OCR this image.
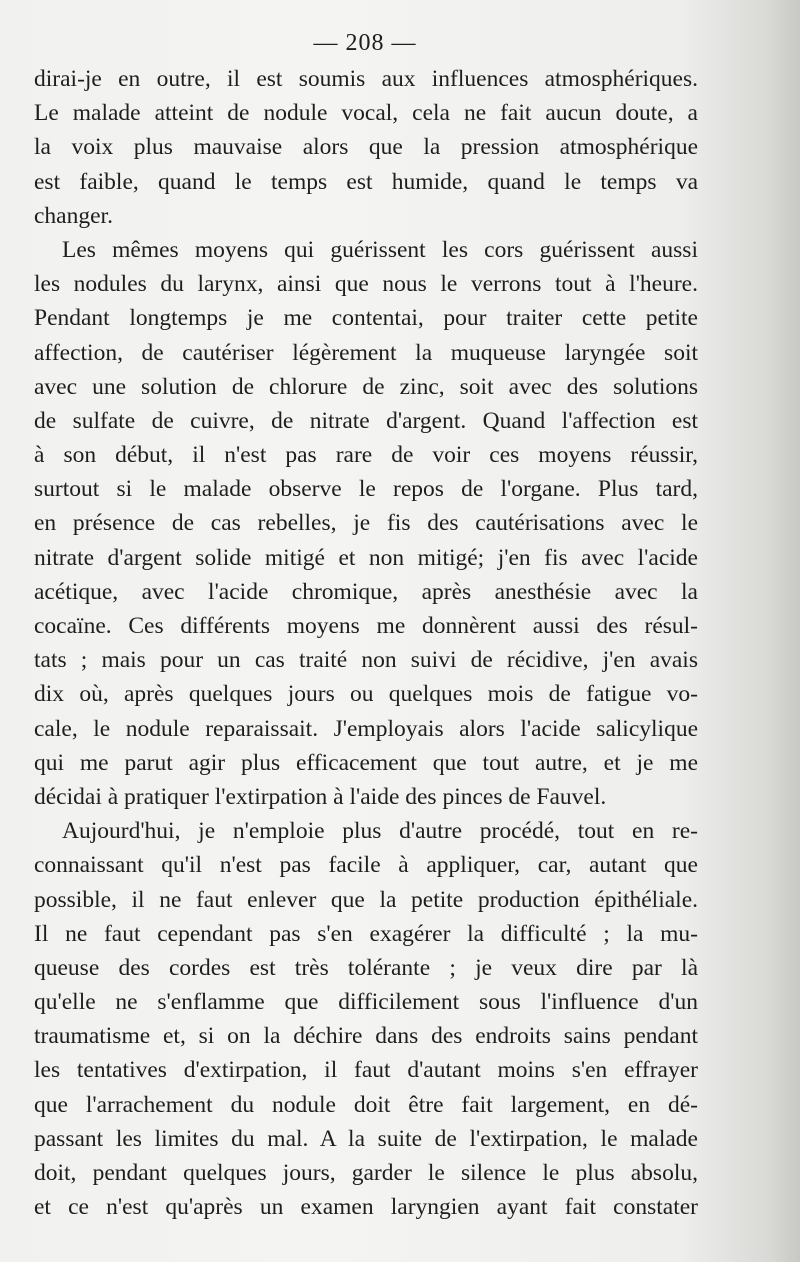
— 208 —
dirai-je en outre, il est soumis aux influences atmosphériques.
Le malade atteint de nodule vocal, cela ne fait aucun doute, a
la voix plus mauvaise alors que la pression atmosphérique
est faible, quand le temps est humide, quand le temps va
changer.
Les mêmes moyens qui guérissent les cors guérissent aussi
les nodules du larynx, ainsi que nous le verrons tout à l'heure.
Pendant longtemps je me contentai, pour traiter cette petite
affection, de cautériser légèrement la muqueuse laryngée soit
avec une solution de chlorure de zinc, soit avec des solutions
de sulfate de cuivre, de nitrate d'argent. Quand l'affection est
à son début, il n'est pas rare de voir ces moyens réussir,
surtout si le malade observe le repos de l'organe. Plus tard,
en présence de cas rebelles, je fis des cautérisations avec le
nitrate d'argent solide mitigé et non mitigé; j'en fis avec l'acide
acétique, avec l'acide chromique, après anesthésie avec la
cocaïne. Ces différents moyens me donnèrent aussi des résul-
tats ; mais pour un cas traité non suivi de récidive, j'en avais
dix où, après quelques jours ou quelques mois de fatigue vo-
cale, le nodule reparaissait. J'employais alors l'acide salicylique
qui me parut agir plus efficacement que tout autre, et je me
décidai à pratiquer l'extirpation à l'aide des pinces de Fauvel.
Aujourd'hui, je n'emploie plus d'autre procédé, tout en re-
connaissant qu'il n'est pas facile à appliquer, car, autant que
possible, il ne faut enlever que la petite production épithéliale.
Il ne faut cependant pas s'en exagérer la difficulté ; la mu-
queuse des cordes est très tolérante ; je veux dire par là
qu'elle ne s'enflamme que difficilement sous l'influence d'un
traumatisme et, si on la déchire dans des endroits sains pendant
les tentatives d'extirpation, il faut d'autant moins s'en effrayer
que l'arrachement du nodule doit être fait largement, en dé-
passant les limites du mal. A la suite de l'extirpation, le malade
doit, pendant quelques jours, garder le silence le plus absolu,
et ce n'est qu'après un examen laryngien ayant fait constater
